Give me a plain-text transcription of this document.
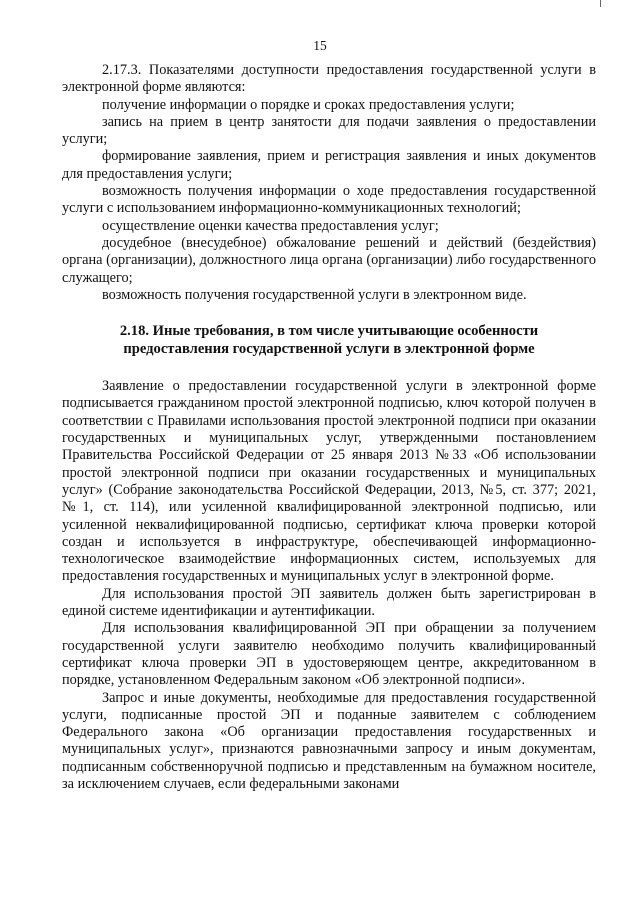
15

2.17.3. Показателями доступности предоставления государственной услуги в электронной форме являются:

получение информации о порядке и сроках предоставления услуги;

запись на прием в центр занятости для подачи заявления о предоставлении услуги;

формирование заявления, прием и регистрация заявления и иных документов для предоставления услуги;

возможность получения информации о ходе предоставления государственной услуги с использованием информационно-коммуникационных технологий;

осуществление оценки качества предоставления услуг;

досудебное (внесудебное) обжалование решений и действий (бездействия) органа (организации), должностного лица органа (организации) либо государственного служащего;

возможность получения государственной услуги в электронном виде.

2.18. Иные требования, в том числе учитывающие особенности
предоставления государственной услуги в электронной форме

Заявление о предоставлении государственной услуги в электронной форме подписывается гражданином простой электронной подписью, ключ которой получен в соответствии с Правилами использования простой электронной подписи при оказании государственных и муниципальных услуг, утвержденными постановлением Правительства Российской Федерации от 25 января 2013 №33 «Об использовании простой электронной подписи при оказании государственных и муниципальных услуг» (Собрание законодательства Российской Федерации, 2013, №5, ст. 377; 2021, №1, ст. 114), или усиленной квалифицированной электронной подписью, или усиленной неквалифицированной подписью, сертификат ключа проверки которой создан и используется в инфраструктуре, обеспечивающей информационно-технологическое взаимодействие информационных систем, используемых для предоставления государственных и муниципальных услуг в электронной форме.

Для использования простой ЭП заявитель должен быть зарегистрирован в единой системе идентификации и аутентификации.

Для использования квалифицированной ЭП при обращении за получением государственной услуги заявителю необходимо получить квалифицированный сертификат ключа проверки ЭП в удостоверяющем центре, аккредитованном в порядке, установленном Федеральным законом «Об электронной подписи».

Запрос и иные документы, необходимые для предоставления государственной услуги, подписанные простой ЭП и поданные заявителем с соблюдением Федерального закона «Об организации предоставления государственных и муниципальных услуг», признаются равнозначными запросу и иным документам, подписанным собственноручной подписью и представленным на бумажном носителе, за исключением случаев, если федеральными законами
